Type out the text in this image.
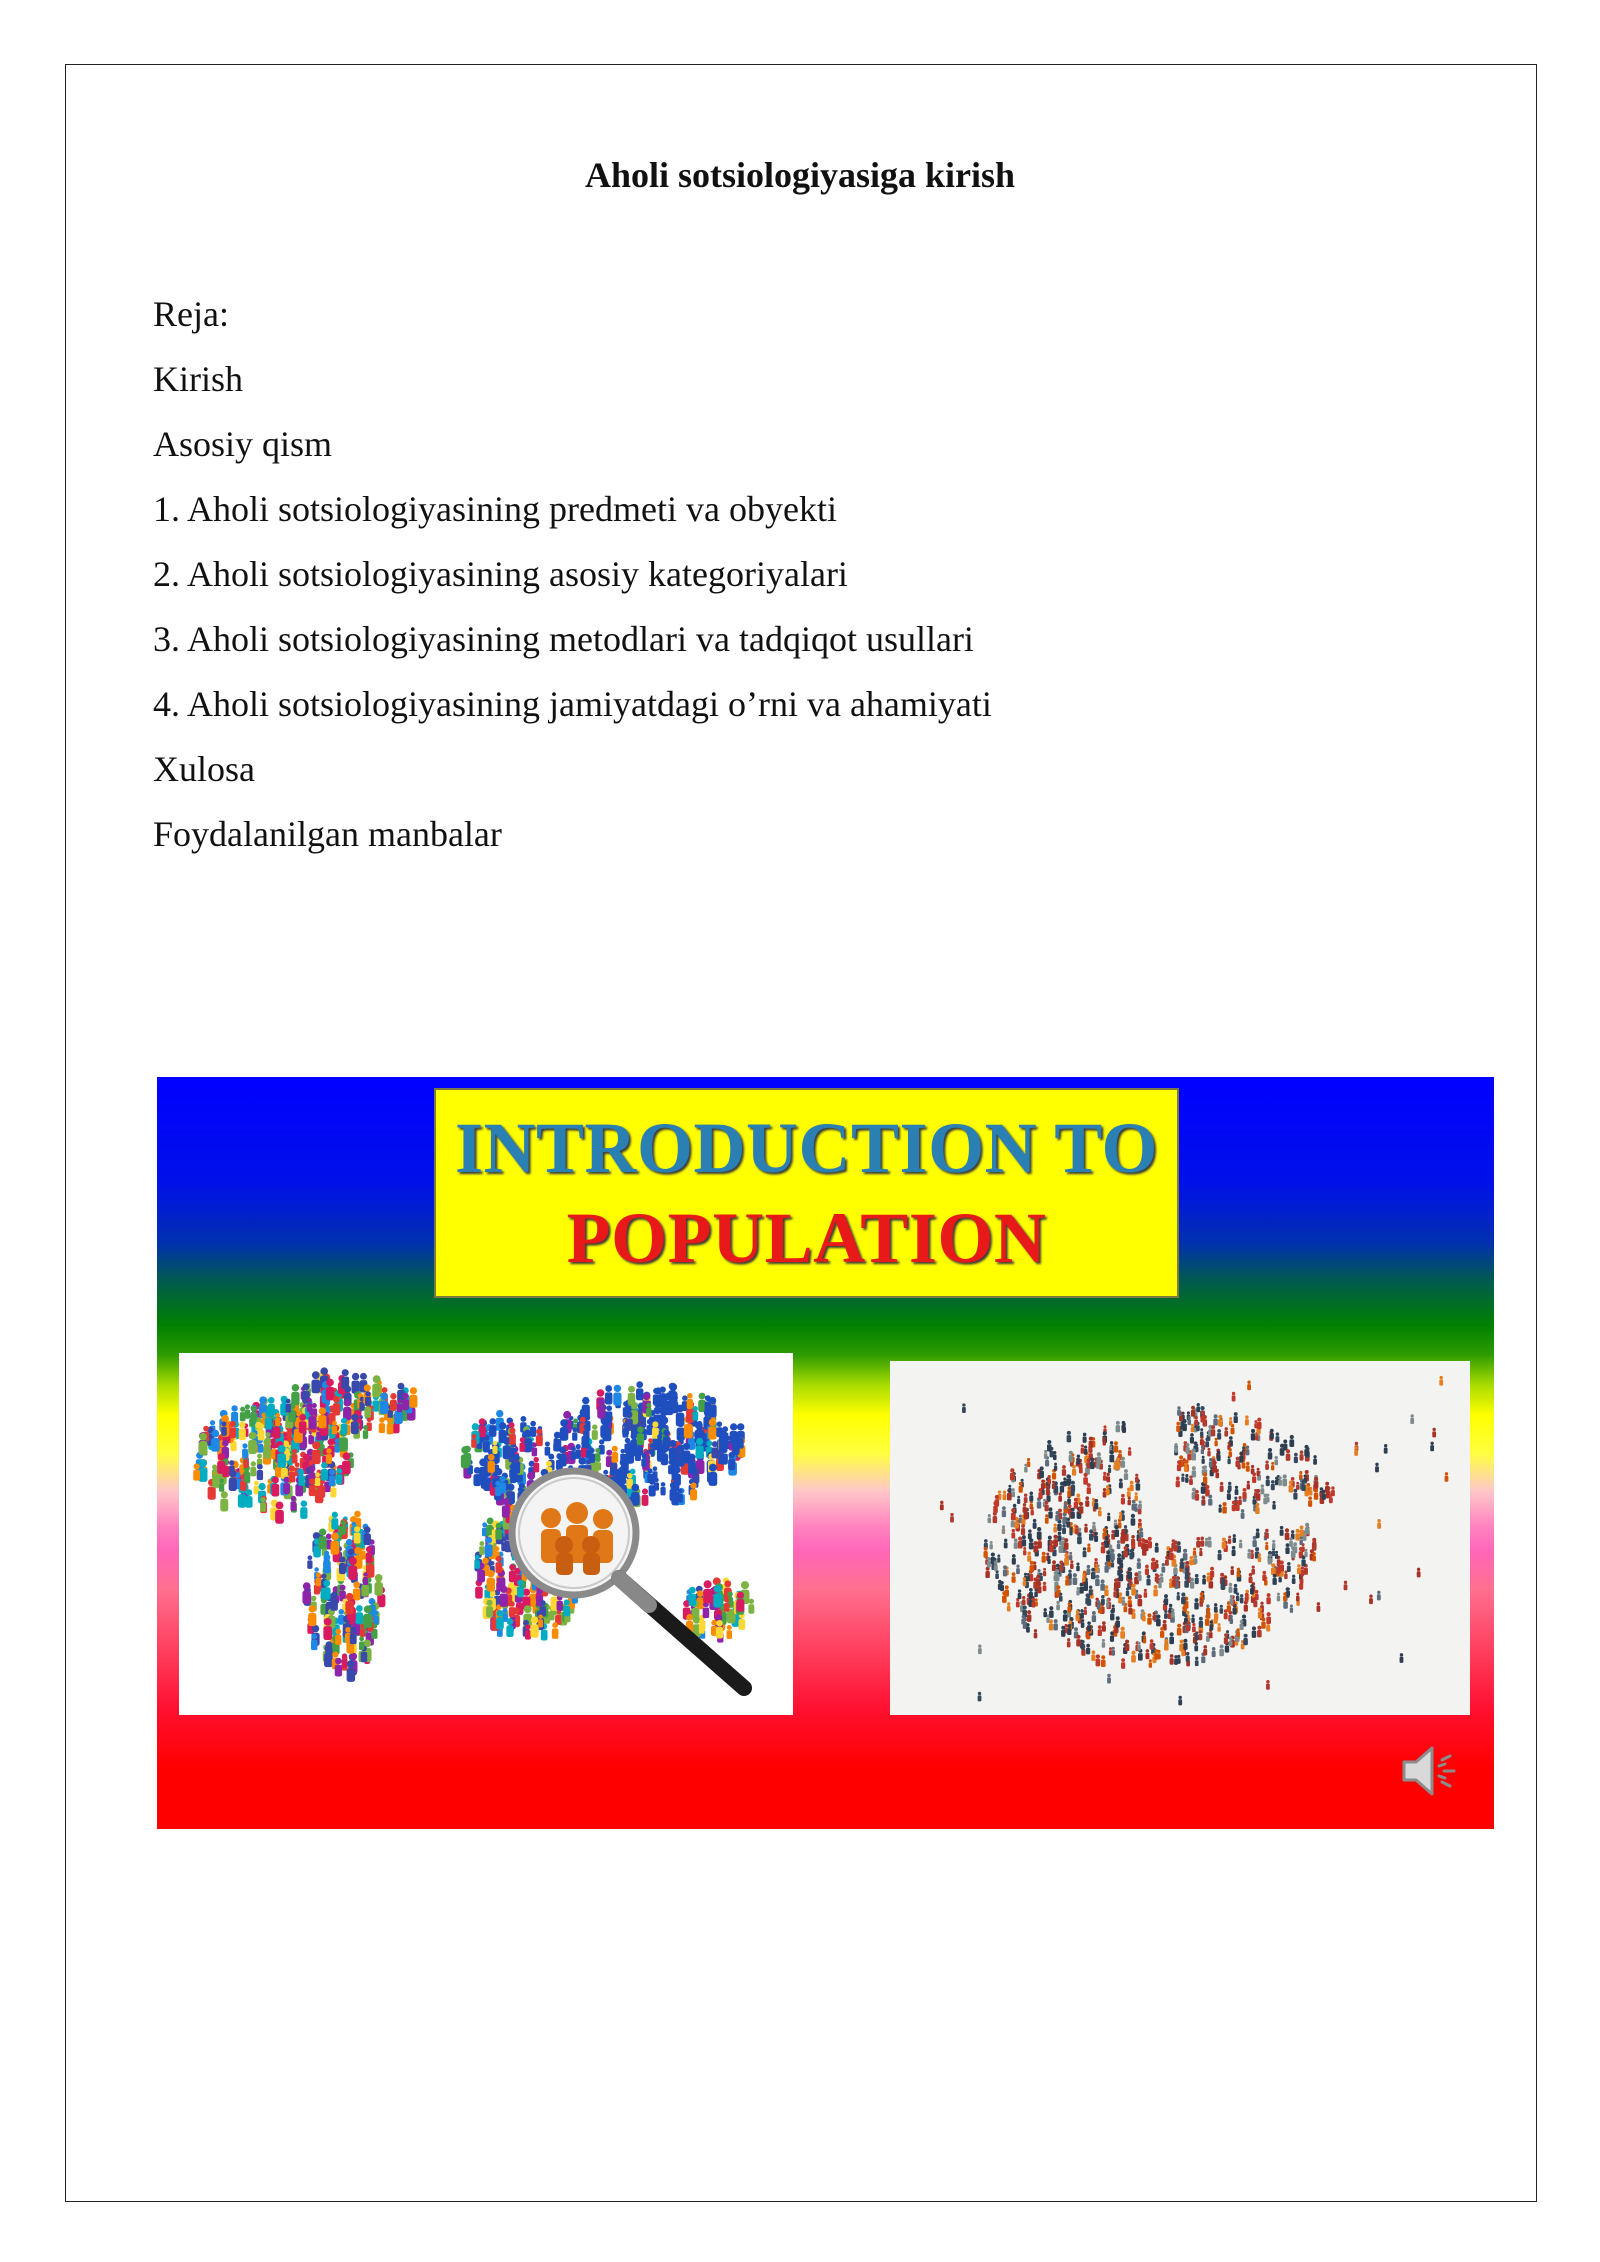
Aholi sotsiologiyasiga kirish
Reja:
Kirish
Asosiy qism
1. Aholi sotsiologiyasining predmeti va obyekti
2. Aholi sotsiologiyasining asosiy kategoriyalari
3. Aholi sotsiologiyasining metodlari va tadqiqot usullari
4. Aholi sotsiologiyasining jamiyatdagi o’rni va ahamiyati
Xulosa
Foydalanilgan manbalar
INTRODUCTION TO
POPULATION
